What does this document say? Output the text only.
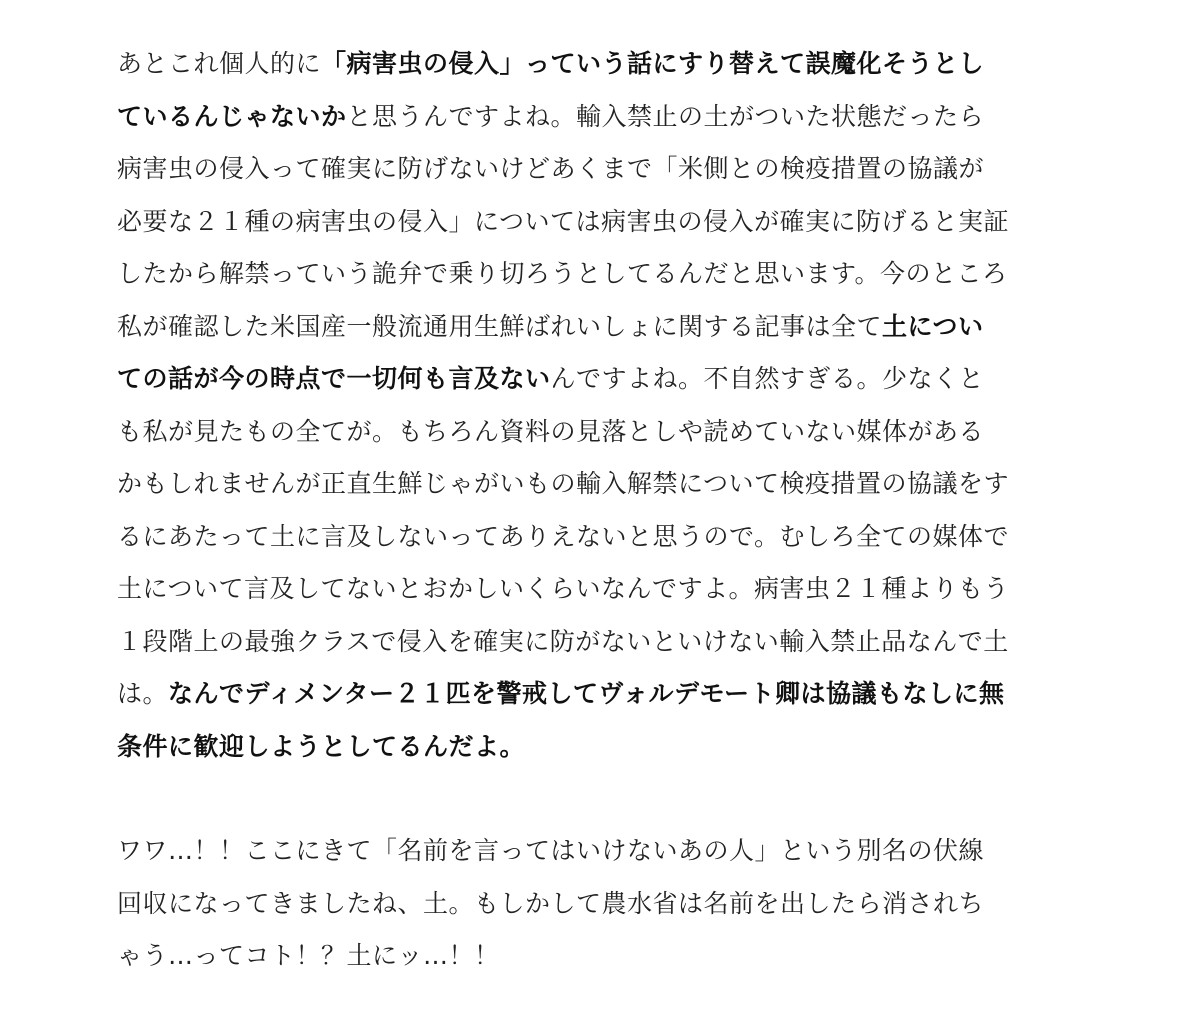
あとこれ個人的に「病害虫の侵入」っていう話にすり替えて誤魔化そうとしているんじゃないかと思うんですよね。輸入禁止の土がついた状態だったら病害虫の侵入って確実に防げないけどあくまで「米側との検疫措置の協議が必要な２１種の病害虫の侵入」については病害虫の侵入が確実に防げると実証したから解禁っていう詭弁で乗り切ろうとしてるんだと思います。今のところ私が確認した米国産一般流通用生鮮ばれいしょに関する記事は全て土についての話が今の時点で一切何も言及ないんですよね。不自然すぎる。少なくとも私が見たもの全てが。もちろん資料の見落としや読めていない媒体があるかもしれませんが正直生鮮じゃがいもの輸入解禁について検疫措置の協議をするにあたって土に言及しないってありえないと思うので。むしろ全ての媒体で土について言及してないとおかしいくらいなんですよ。病害虫２１種よりもう１段階上の最強クラスで侵入を確実に防がないといけない輸入禁止品なんで土は。なんでディメンター２１匹を警戒してヴォルデモート卿は協議もなしに無条件に歓迎しようとしてるんだよ。

ワワ…！！ここにきて「名前を言ってはいけないあの人」という別名の伏線回収になってきましたね、土。もしかして農水省は名前を出したら消されちゃう…ってコト！？土にッ…！！
